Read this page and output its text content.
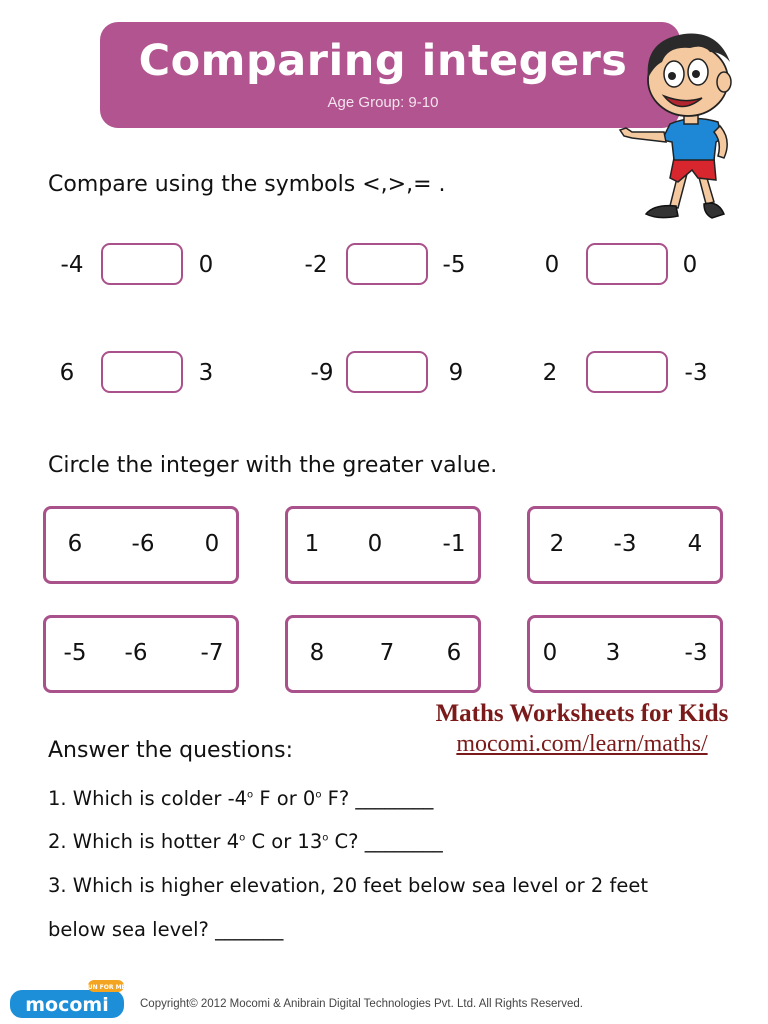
Comparing integers
Age Group: 9-10
Compare using the symbols <,>,= .
-4	0	-2	-5	0	0
6	3	-9	9	2	-3
Circle the integer with the greater value.
6	-6	0	1	0	-1	2	-3	4
-5	-6	-7	8	7	6	0	3	-3
Maths Worksheets for Kids
mocomi.com/learn/maths/
Answer the questions:
1. Which is colder -4$^o$ F or 0$^o$ F? ________
2. Which is hotter 4$^o$ C or 13$^o$ C? ________
3. Which is higher elevation, 20 feet below sea level or 2 feet
below sea level? _______
FUN FOR ME!
mocomi	Copyright© 2012 Mocomi & Anibrain Digital Technologies Pvt. Ltd. All Rights Reserved.
